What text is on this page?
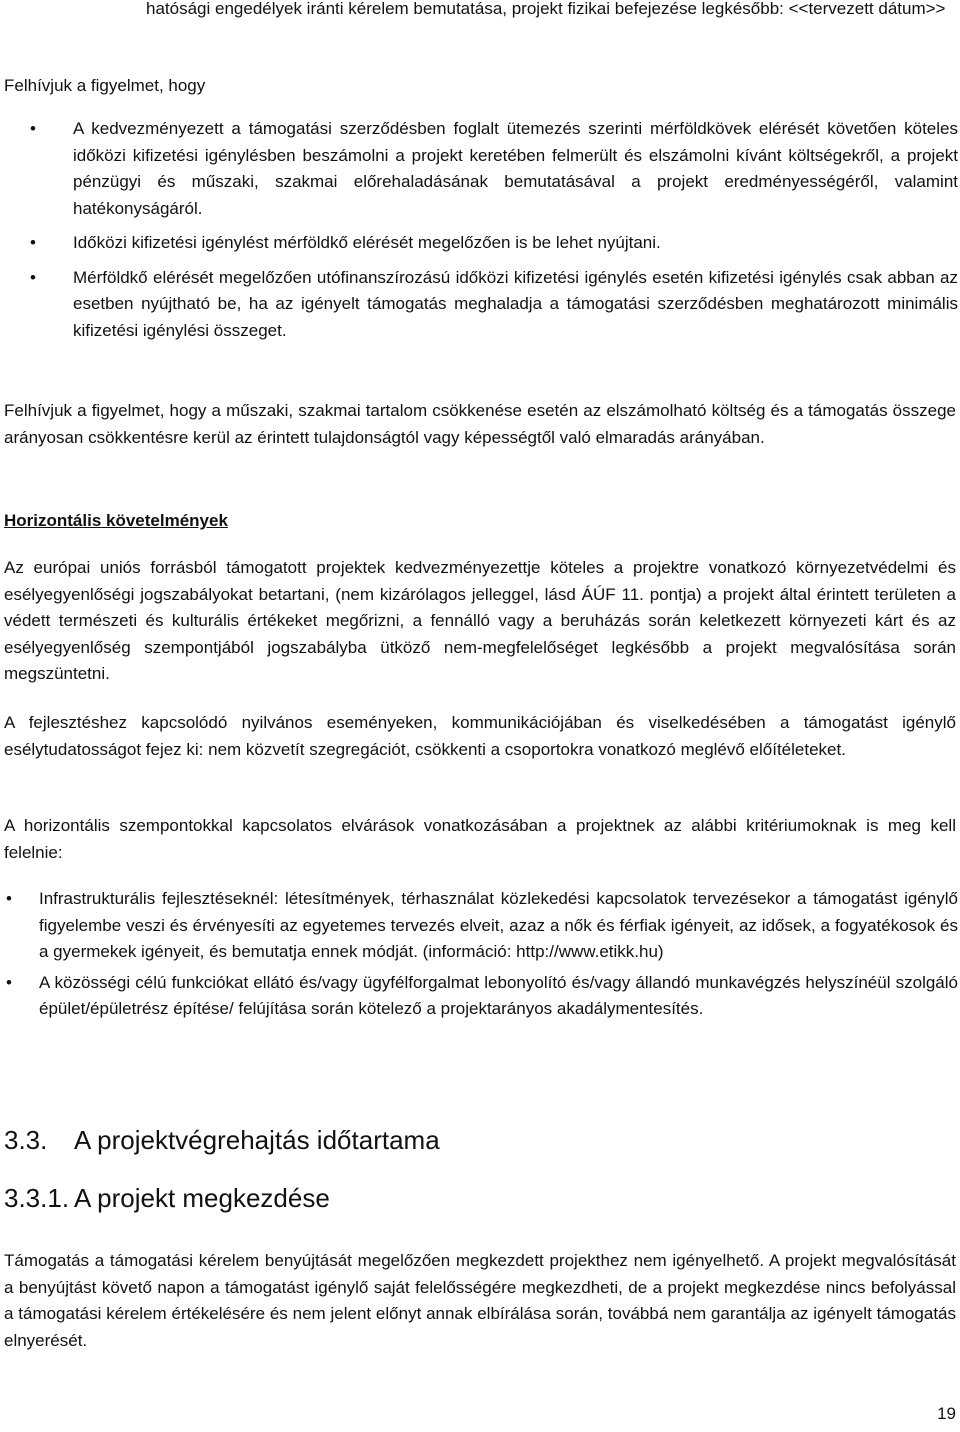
hatósági engedélyek iránti kérelem bemutatása, projekt fizikai befejezése legkésőbb: <<tervezett dátum>>

Felhívjuk a figyelmet, hogy

• A kedvezményezett a támogatási szerződésben foglalt ütemezés szerinti mérföldkövek elérését követően köteles időközi kifizetési igénylésben beszámolni a projekt keretében felmerült és elszámolni kívánt költségekről, a projekt pénzügyi és műszaki, szakmai előrehaladásának bemutatásával a projekt eredményességéről, valamint hatékonyságáról.

• Időközi kifizetési igénylést mérföldkő elérését megelőzően is be lehet nyújtani.

• Mérföldkő elérését megelőzően utófinanszírozású időközi kifizetési igénylés esetén kifizetési igénylés csak abban az esetben nyújtható be, ha az igényelt támogatás meghaladja a támogatási szerződésben meghatározott minimális kifizetési igénylési összeget.

Felhívjuk a figyelmet, hogy a műszaki, szakmai tartalom csökkenése esetén az elszámolható költség és a támogatás összege arányosan csökkentésre kerül az érintett tulajdonságtól vagy képességtől való elmaradás arányában.

Horizontális követelmények

Az európai uniós forrásból támogatott projektek kedvezményezettje köteles a projektre vonatkozó környezetvédelmi és esélyegyenlőségi jogszabályokat betartani, (nem kizárólagos jelleggel, lásd ÁÚF 11. pontja) a projekt által érintett területen a védett természeti és kulturális értékeket megőrizni, a fennálló vagy a beruházás során keletkezett környezeti kárt és az esélyegyenlőség szempontjából jogszabályba ütköző nem-megfelelőséget legkésőbb a projekt megvalósítása során megszüntetni.

A fejlesztéshez kapcsolódó nyilvános eseményeken, kommunikációjában és viselkedésében a támogatást igénylő esélytudatosságot fejez ki: nem közvetít szegregációt, csökkenti a csoportokra vonatkozó meglévő előítéleteket.

A horizontális szempontokkal kapcsolatos elvárások vonatkozásában a projektnek az alábbi kritériumoknak is meg kell felelnie:

• Infrastrukturális fejlesztéseknél: létesítmények, térhasználat közlekedési kapcsolatok tervezésekor a támogatást igénylő figyelembe veszi és érvényesíti az egyetemes tervezés elveit, azaz a nők és férfiak igényeit, az idősek, a fogyatékosok és a gyermekek igényeit, és bemutatja ennek módját. (információ: http://www.etikk.hu)

• A közösségi célú funkciókat ellátó és/vagy ügyfélforgalmat lebonyolító és/vagy állandó munkavégzés helyszínéül szolgáló épület/épületrész építése/ felújítása során kötelező a projektarányos akadálymentesítés.

3.3. A projektvégrehajtás időtartama
3.3.1. A projekt megkezdése

Támogatás a támogatási kérelem benyújtását megelőzően megkezdett projekthez nem igényelhető. A projekt megvalósítását a benyújtást követő napon a támogatást igénylő saját felelősségére megkezdheti, de a projekt megkezdése nincs befolyással a támogatási kérelem értékelésére és nem jelent előnyt annak elbírálása során, továbbá nem garantálja az igényelt támogatás elnyerését.

19
